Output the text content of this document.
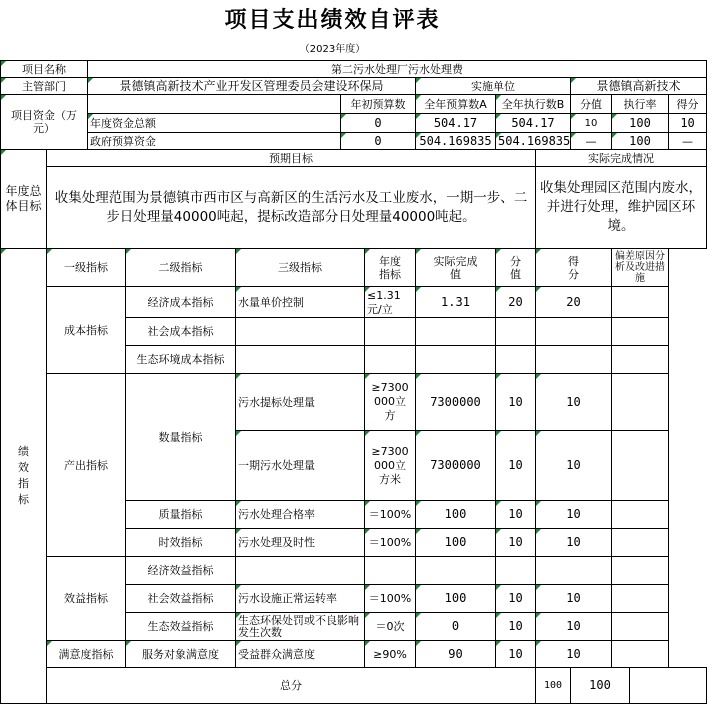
项目支出绩效自评表
（2023年度）
项目名称		第二污水处理厂污水处理费											
主管部门		景德镇高新技术产业开发区管理委员会建设环保局					实施单位			景德镇高新技术			
项目资金（万元）					年初预算数		全年预算数A	全年执行数B		分值	执行率		得分
		年度资金总额			0		504.17	504.17		10	100		10
		政府预算资金			0		504.169835	504.169835		—	100		—
年度总体目标	预期目标								实际完成情况				
	收集处理范围为景德镇市西市区与高新区的生活污水及工业废水，一期一步、二步日处理量40000吨起，提标改造部分日处理量40000吨起。								收集处理园区范围内废水，并进行处理，维护园区环境。				
绩效指标	一级指标		二级指标	三级指标		年度指标	实际完成值	分值	得分		偏差原因分析及改进措施		
	成本指标		经济成本指标	水量单价控制		≤1.31元/立	1.31	20	20				
			社会成本指标										
			生态环境成本指标										
	产出指标		数量指标	污水提标处理量		≥7300000立方	7300000	10	10				
				一期污水处理量		≥7300000立方米	7300000	10	10				
			质量指标	污水处理合格率		＝100%	100	10	10				
			时效指标	污水处理及时性		＝100%	100	10	10				
	效益指标		经济效益指标										
			社会效益指标	污水设施正常运转率		＝100%	100	10	10				
			生态效益指标	生态环保处罚或不良影响发生次数		＝0次	0	10	10				
	满意度指标		服务对象满意度	受益群众满意度		≥90%	90	10	10				
	总分								100	100			
